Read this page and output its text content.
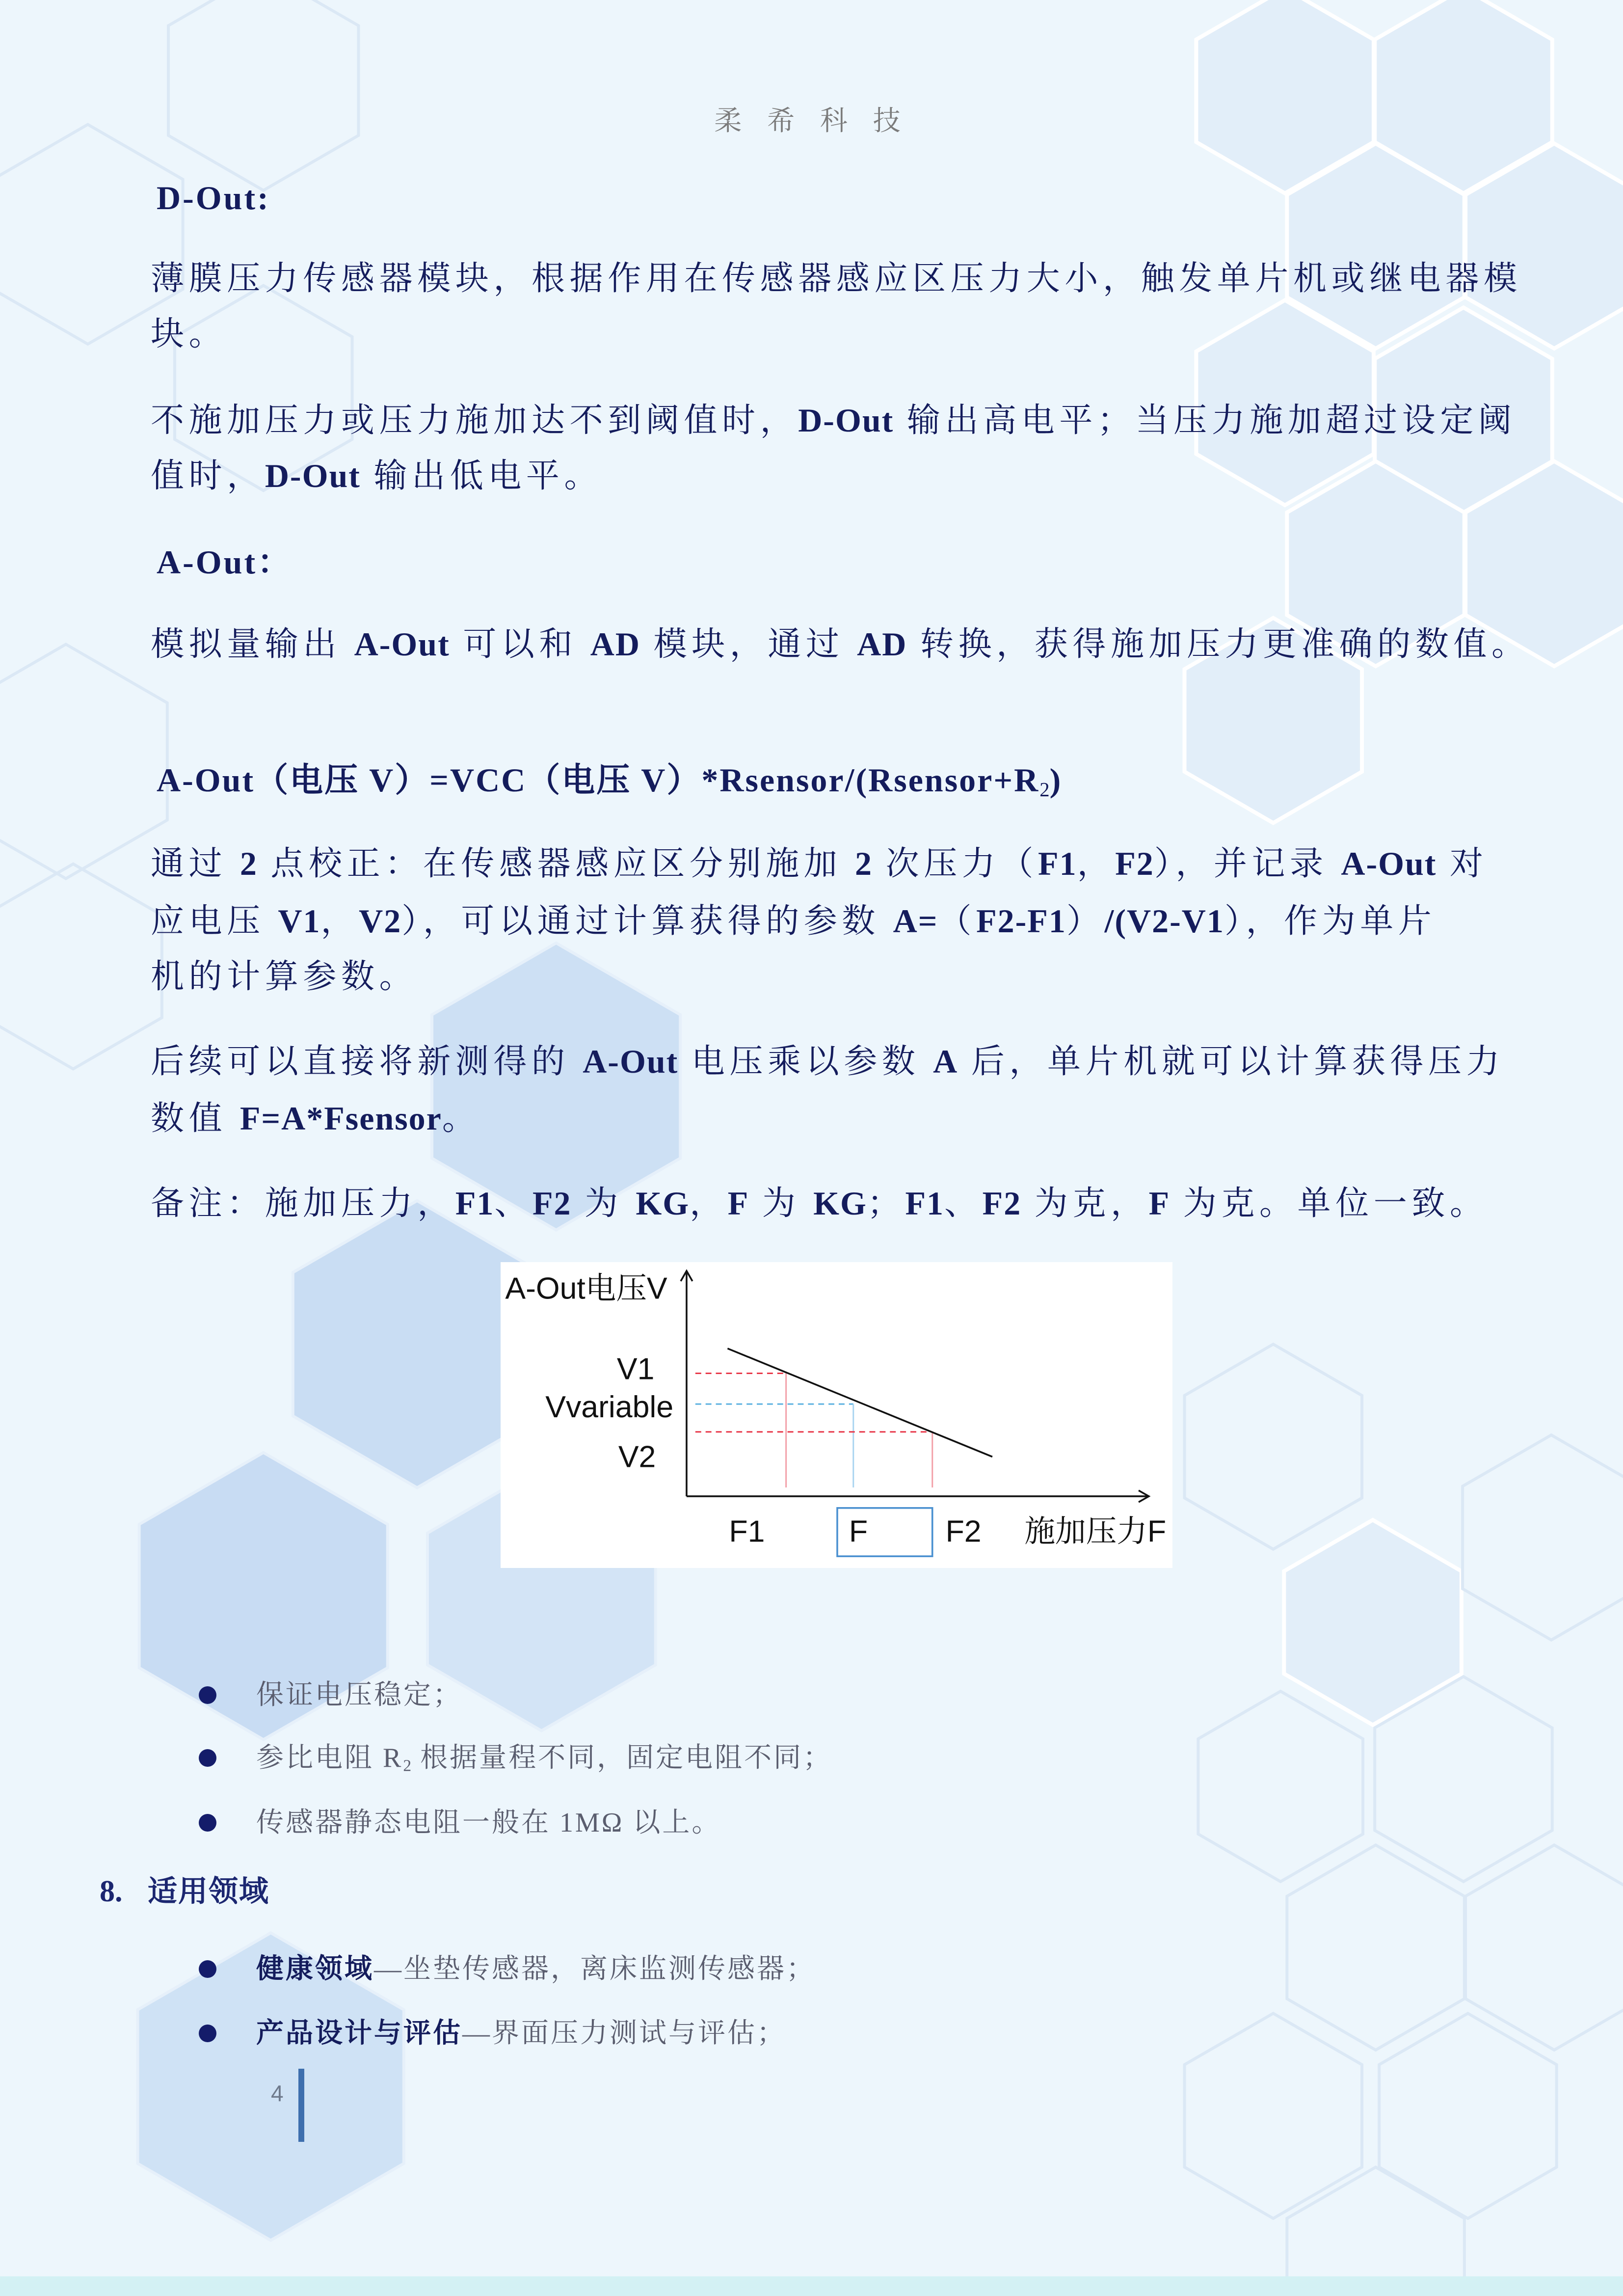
柔 希 科 技
D-Out:
薄膜压力传感器模块，根据作用在传感器感应区压力大小，触发单片机或继电器模
块。
不施加压力或压力施加达不到阈值时，D-Out 输出高电平；当压力施加超过设定阈
值时，D-Out 输出低电平。
A-Out：
模拟量输出 A-Out 可以和 AD 模块，通过 AD 转换，获得施加压力更准确的数值。
A-Out（电压 V）=VCC（电压 $V)*Rsensor/(Rsensor+R_2)$
通过 2 点校正：在传感器感应区分别施加 2 次压力（F1，F2），并记录 A-Out 对
应电压 V1，V2），可以通过计算获得的参数 A=（F2-F1）/(V2-V1），作为单片
机的计算参数。
后续可以直接将新测得的 A-Out 电压乘以参数 A 后，单片机就可以计算获得压力
数值 F=A*Fsensor。
备注：施加压力，F1、F2 为 KG，F 为 KG；F1、F2 为克，F 为克。单位一致。
A-Out电压V
V1
Vvariable
V2
F1	F	F2	施加压力F
保证电压稳定；
参比电阻 $R_2$ 根据量程不同，固定电阻不同；
传感器静态电阻一般在 1MΩ 以上。
8. 适用领域
健康领域—坐垫传感器，离床监测传感器；
产品设计与评估—界面压力测试与评估；
4
